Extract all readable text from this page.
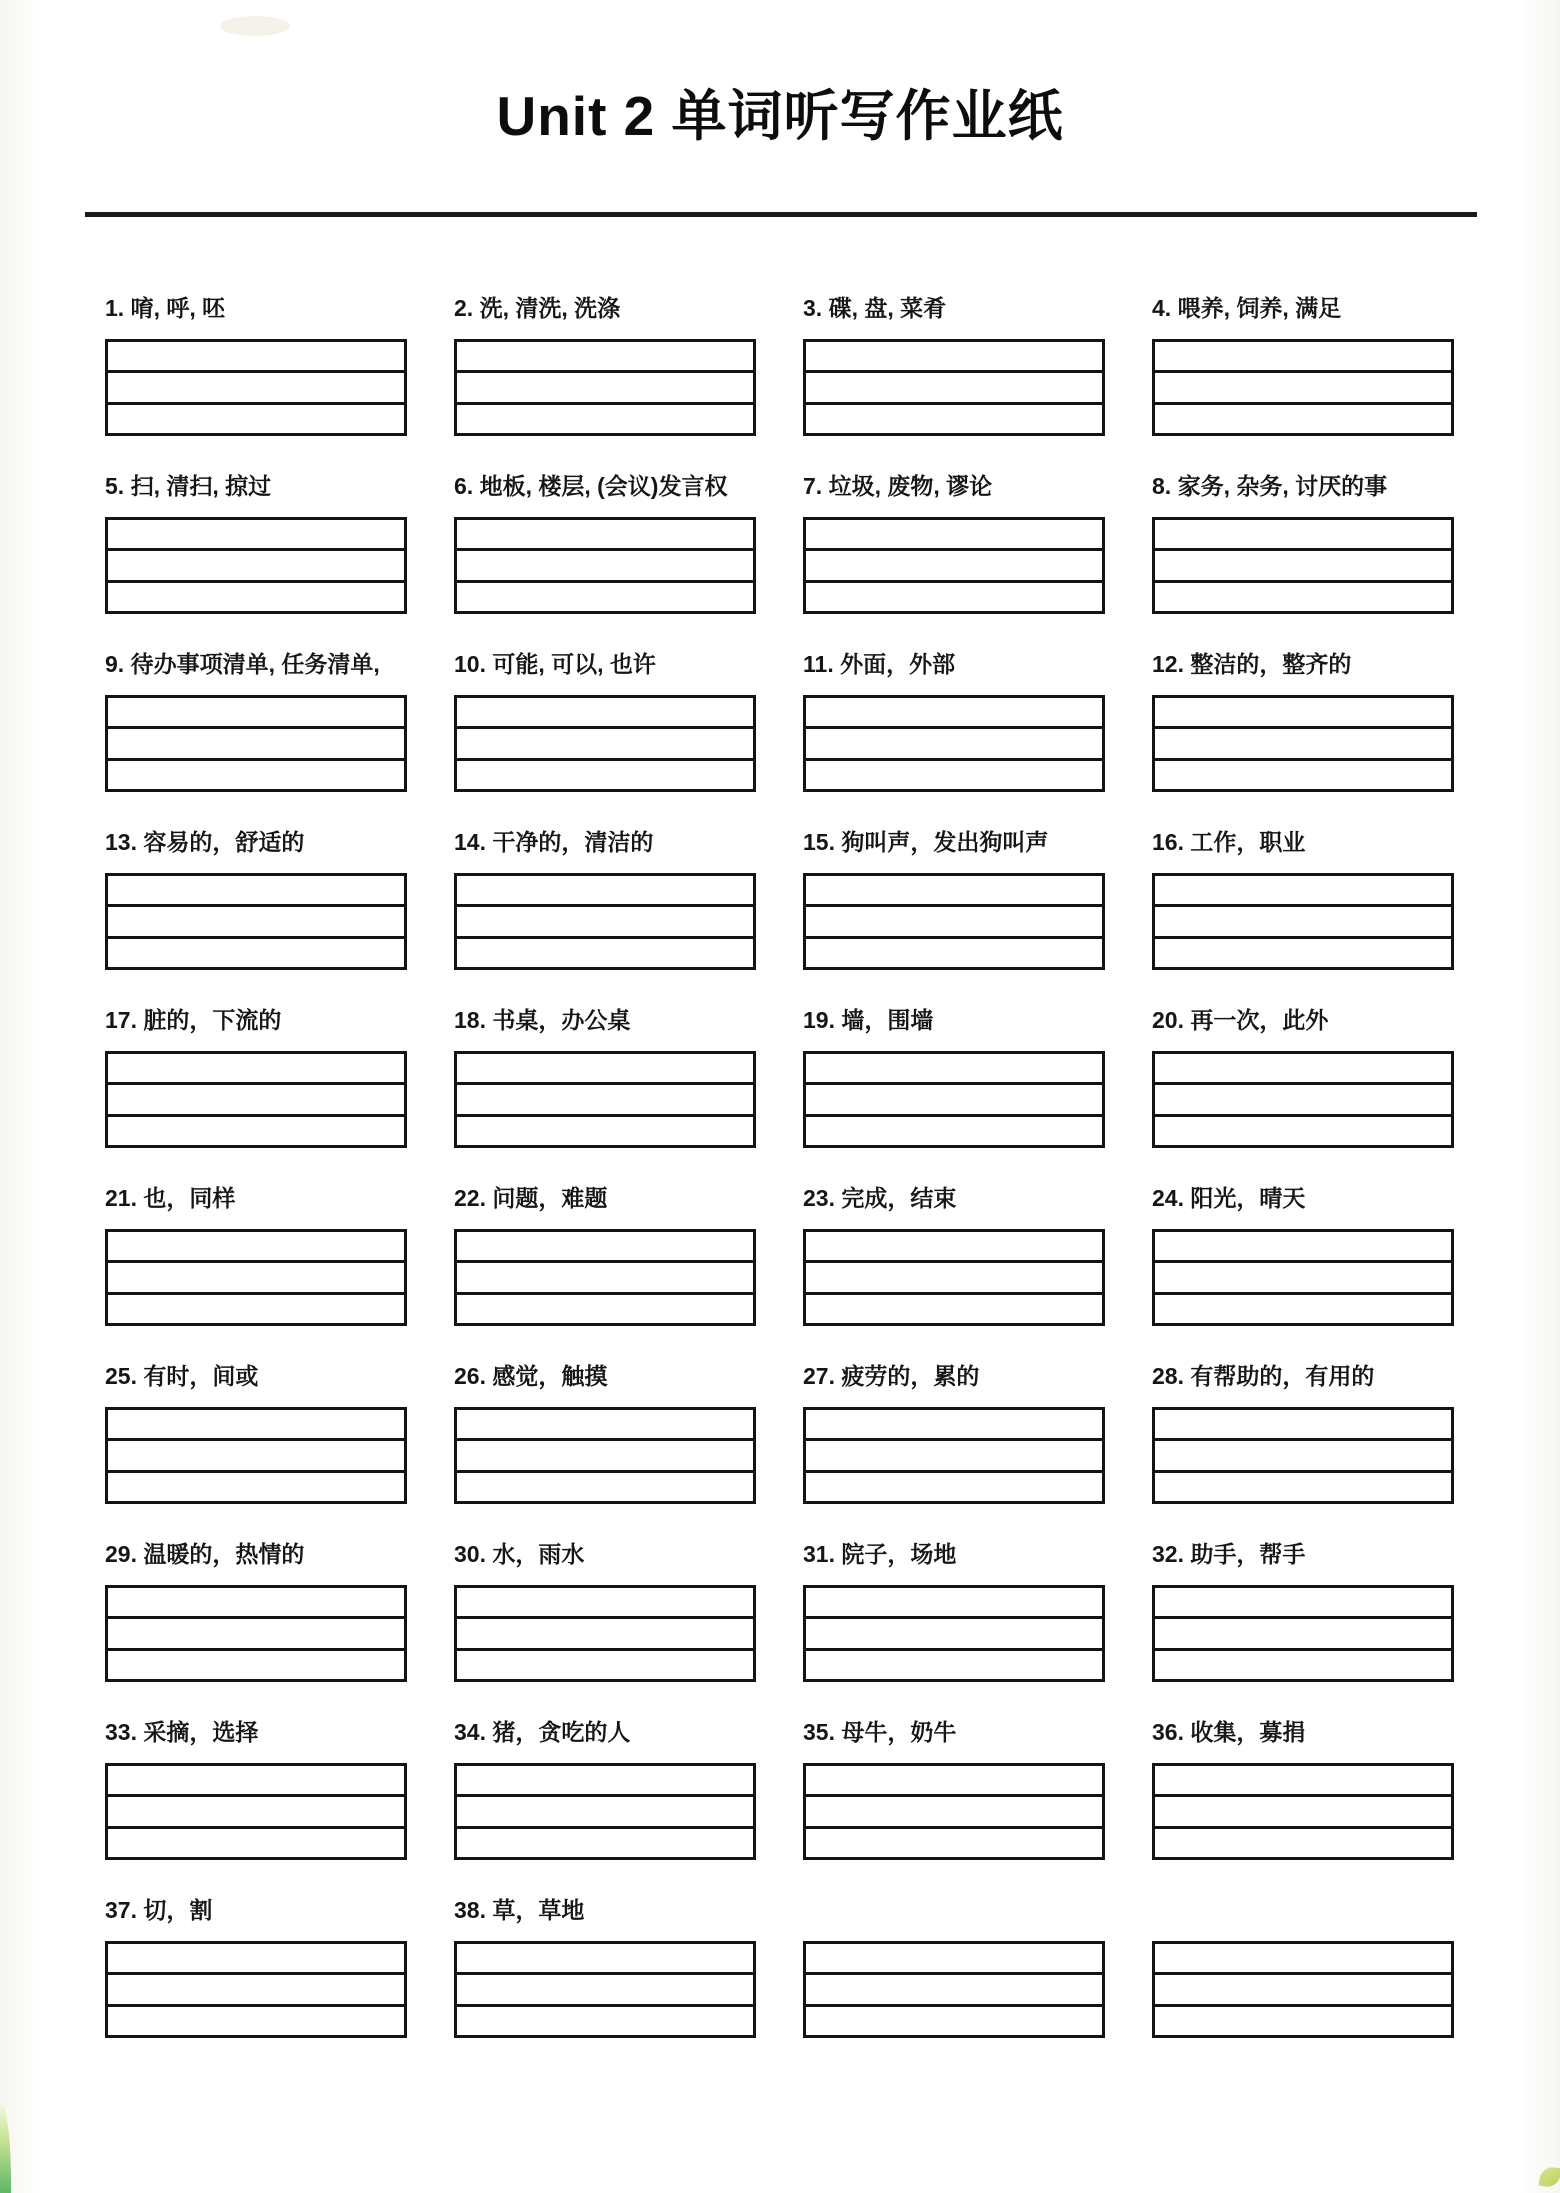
Unit 2 单词听写作业纸
1. 唷, 呼, 呸	2. 洗, 清洗, 洗涤	3. 碟, 盘, 菜肴	4. 喂养, 饲养, 满足
5. 扫, 清扫, 掠过	6. 地板, 楼层, (会议)发言权	7. 垃圾, 废物, 谬论	8. 家务, 杂务, 讨厌的事
9. 待办事项清单, 任务清单,	10. 可能, 可以, 也许	11. 外面，外部	12. 整洁的，整齐的
13. 容易的，舒适的	14. 干净的，清洁的	15. 狗叫声，发出狗叫声	16. 工作，职业
17. 脏的，下流的	18. 书桌，办公桌	19. 墙，围墙	20. 再一次，此外
21. 也，同样	22. 问题，难题	23. 完成，结束	24. 阳光，晴天
25. 有时，间或	26. 感觉，触摸	27. 疲劳的，累的	28. 有帮助的，有用的
29. 温暖的，热情的	30. 水，雨水	31. 院子，场地	32. 助手，帮手
33. 采摘，选择	34. 猪，贪吃的人	35. 母牛，奶牛	36. 收集，募捐
37. 切，割	38. 草，草地
